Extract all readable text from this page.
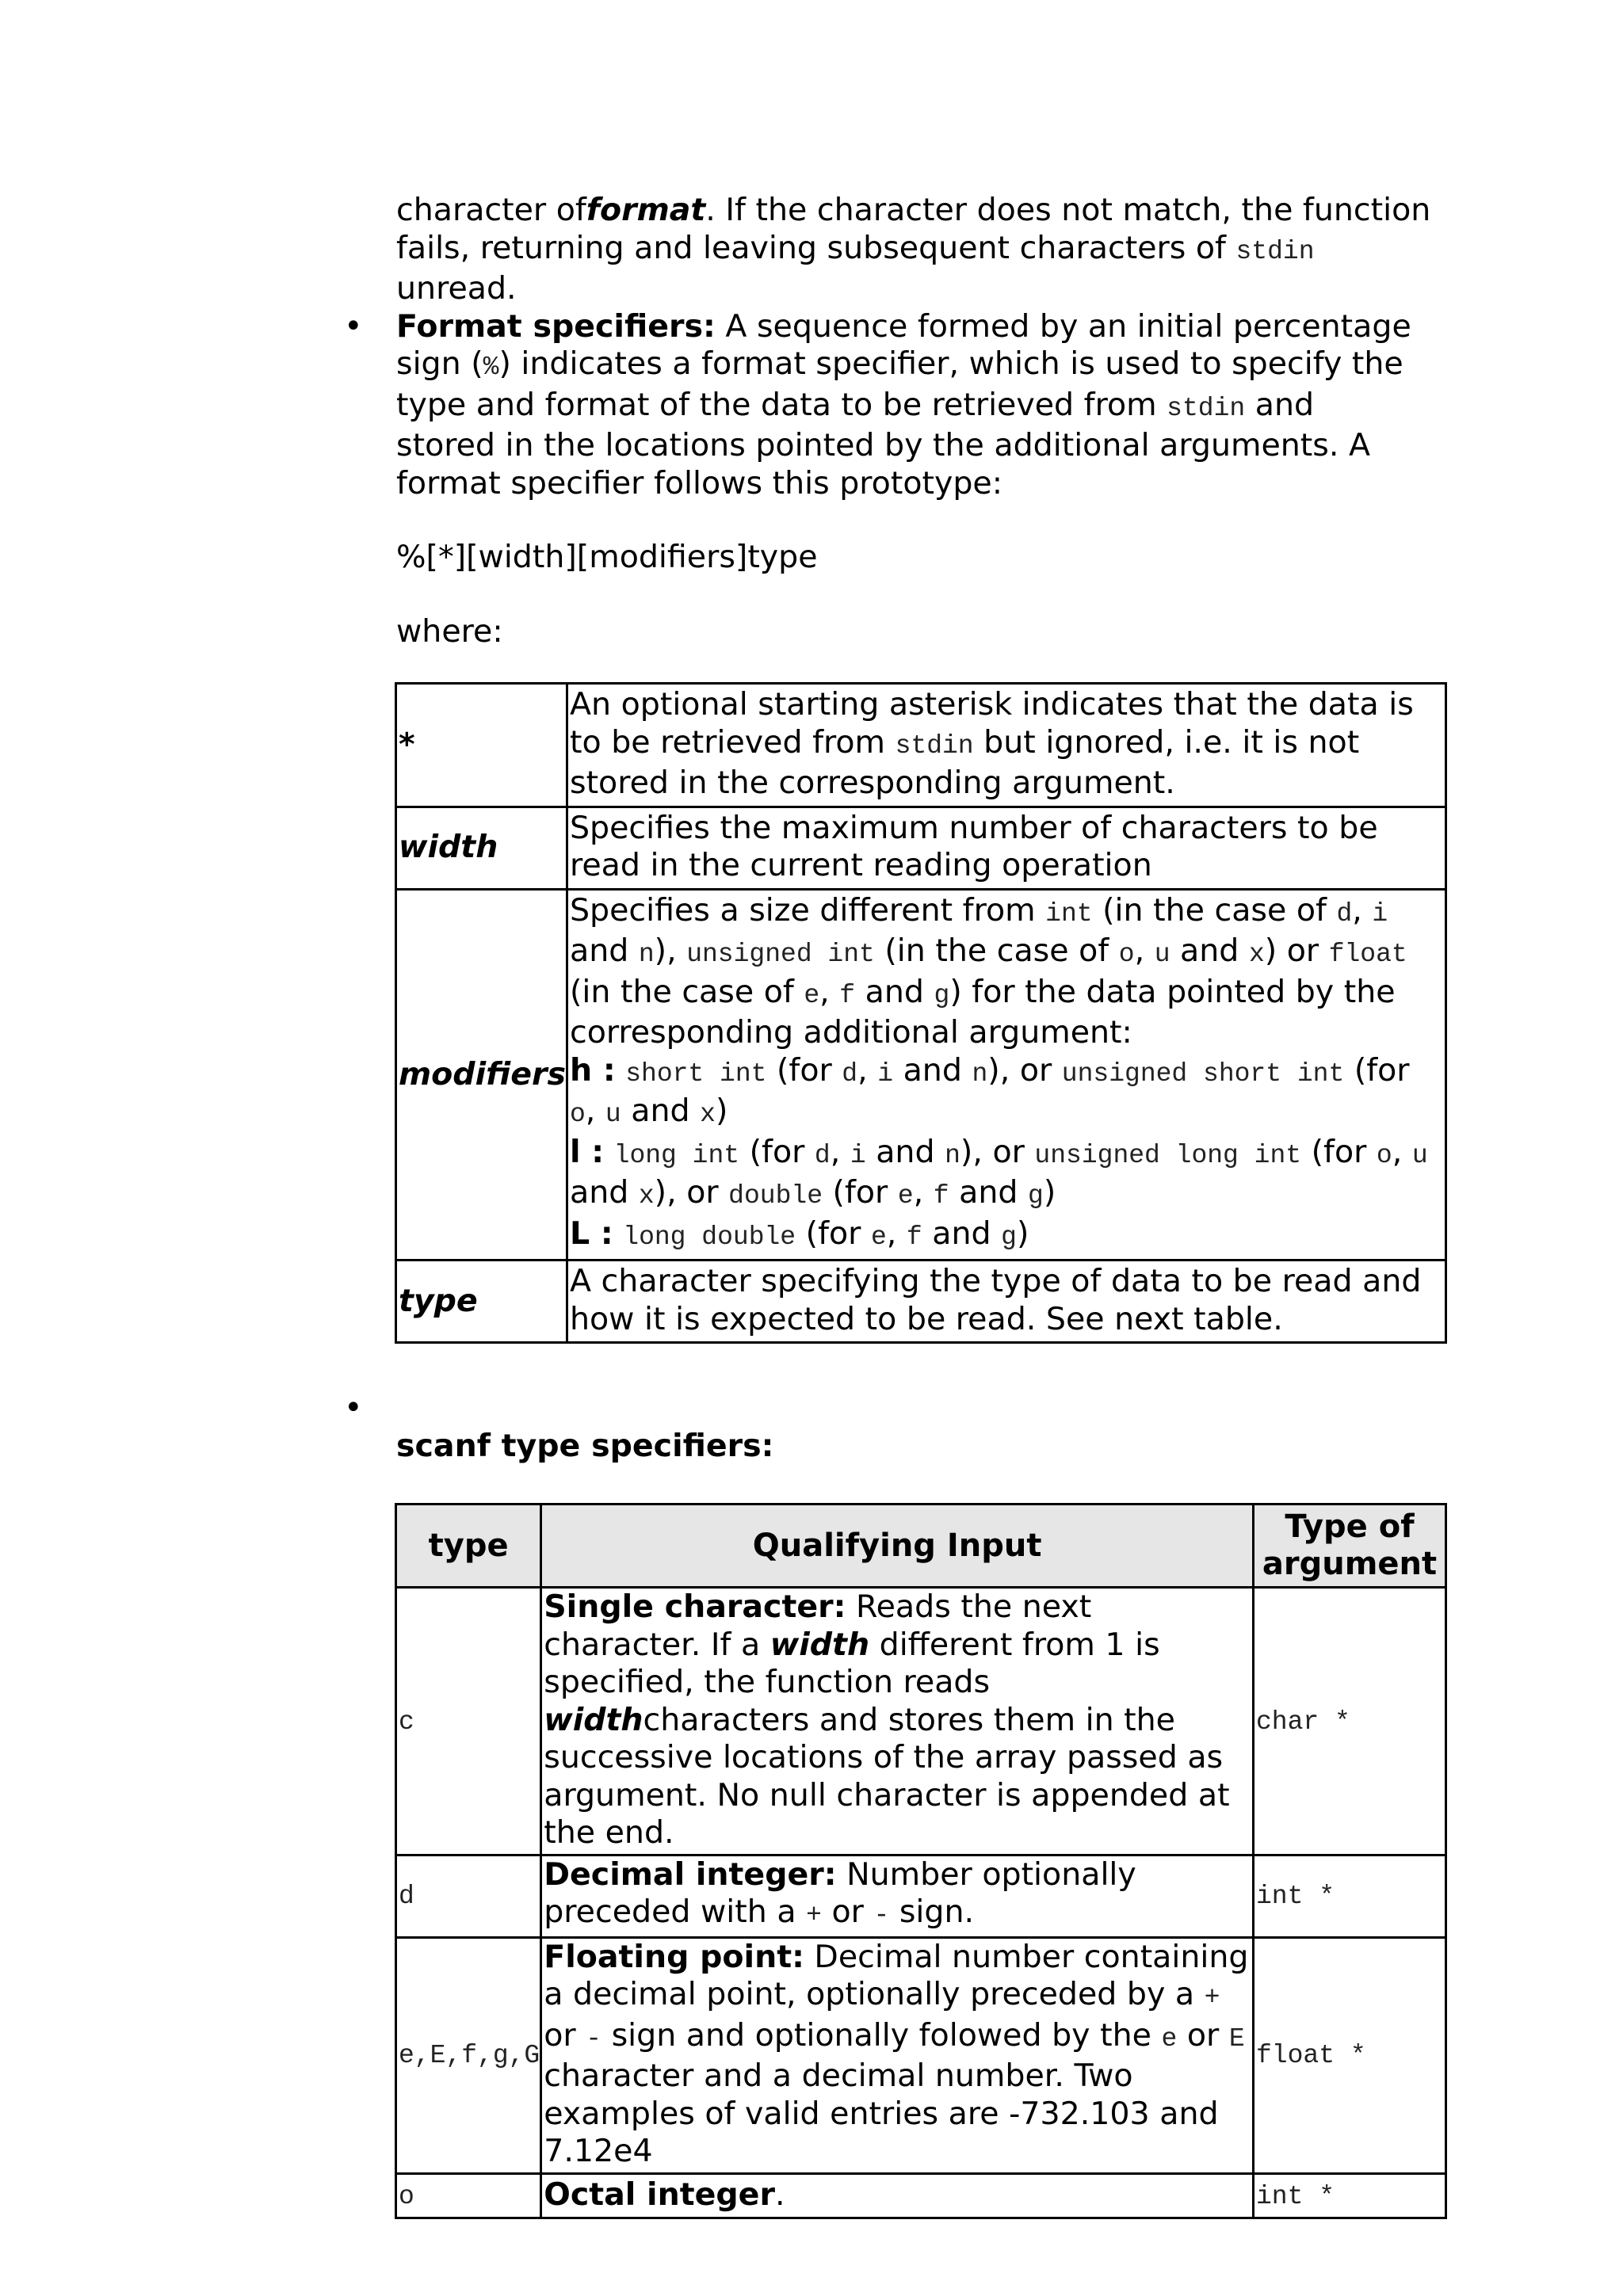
character offormat. If the character does not match, the function
fails, returning and leaving subsequent characters of stdin unread.

• Format specifiers: A sequence formed by an initial percentage sign (%) indicates a format specifier, which is used to specify the type and format of the data to be retrieved from stdin and stored in the locations pointed by the additional arguments. A format specifier follows this prototype:

%[*][width][modifiers]type

where:

*	An optional starting asterisk indicates that the data is to be retrieved from stdin but ignored, i.e. it is not stored in the corresponding argument.
width	Specifies the maximum number of characters to be read in the current reading operation
modifiers	Specifies a size different from int (in the case of d, i and n), unsigned int (in the case of o, u and x) or float (in the case of e, f and g) for the data pointed by the corresponding additional argument:
h : short int (for d, i and n), or unsigned short int (for o, u and x)
l : long int (for d, i and n), or unsigned long int (for o, u and x), or double (for e, f and g)
L : long double (for e, f and g)
type	A character specifying the type of data to be read and how it is expected to be read. See next table.
•

scanf type specifiers:

type	Qualifying Input	Type of argument
c	Single character: Reads the next character. If a width different from 1 is specified, the function reads widthcharacters and stores them in the successive locations of the array passed as argument. No null character is appended at the end.	char *
d	Decimal integer: Number optionally preceded with a + or - sign.	int *
e,E,f,g,G	Floating point: Decimal number containing a decimal point, optionally preceded by a + or - sign and optionally folowed by the e or E character and a decimal number. Two examples of valid entries are -732.103 and 7.12e4	float *
o	Octal integer.	int *
